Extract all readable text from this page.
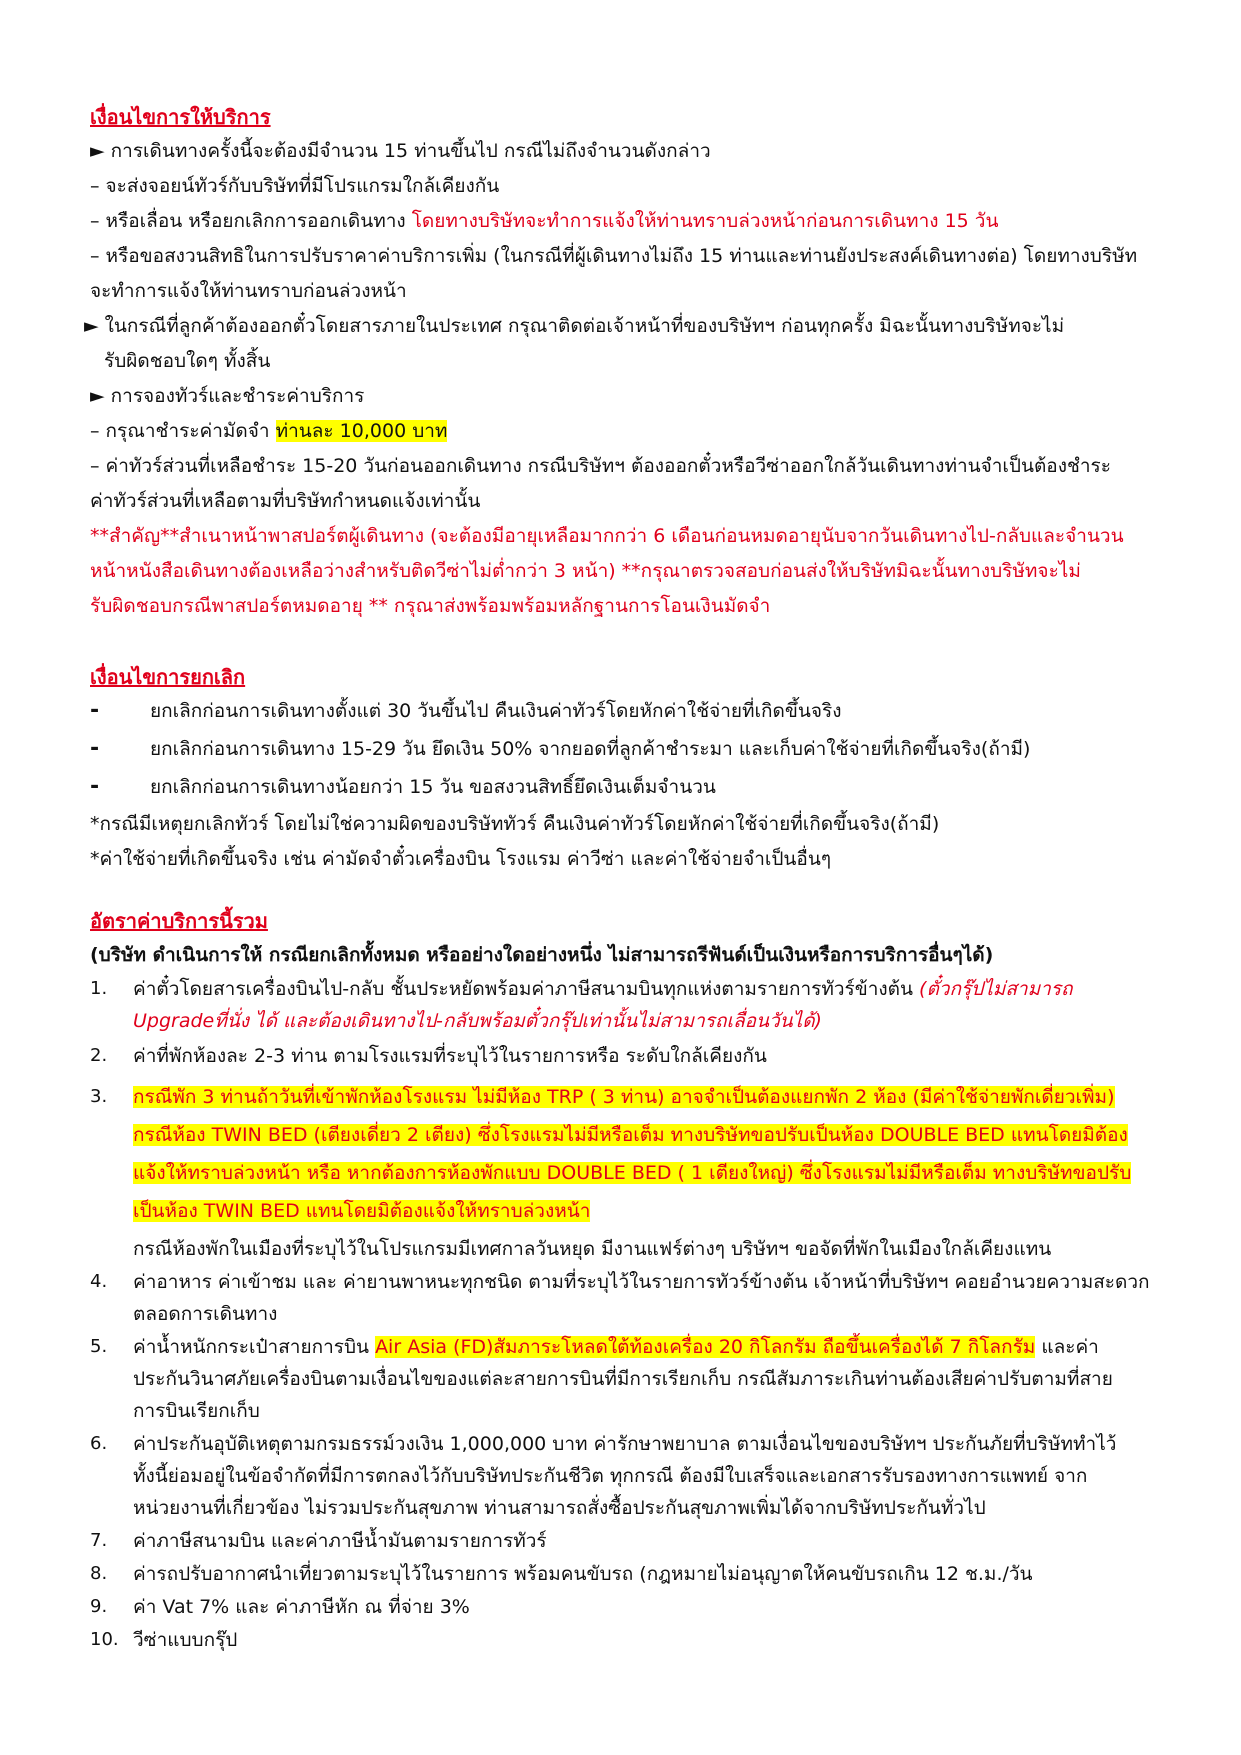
เงื่อนไขการให้บริการ
► การเดินทางครั้งนี้จะต้องมีจำนวน 15 ท่านขึ้นไป กรณีไม่ถึงจำนวนดังกล่าว
– จะส่งจอยน์ทัวร์กับบริษัทที่มีโปรแกรมใกล้เคียงกัน
– หรือเลื่อน หรือยกเลิกการออกเดินทาง โดยทางบริษัทจะทำการแจ้งให้ท่านทราบล่วงหน้าก่อนการเดินทาง 15 วัน
– หรือขอสงวนสิทธิในการปรับราคาค่าบริการเพิ่ม (ในกรณีที่ผู้เดินทางไม่ถึง 15 ท่านและท่านยังประสงค์เดินทางต่อ) โดยทางบริษัท
จะทำการแจ้งให้ท่านทราบก่อนล่วงหน้า
► ในกรณีที่ลูกค้าต้องออกตั๋วโดยสารภายในประเทศ กรุณาติดต่อเจ้าหน้าที่ของบริษัทฯ ก่อนทุกครั้ง มิฉะนั้นทางบริษัทจะไม่
รับผิดชอบใดๆ ทั้งสิ้น
► การจองทัวร์และชำระค่าบริการ
– กรุณาชำระค่ามัดจำ ท่านละ 10,000 บาท
– ค่าทัวร์ส่วนที่เหลือชำระ 15-20 วันก่อนออกเดินทาง กรณีบริษัทฯ ต้องออกตั๋วหรือวีซ่าออกใกล้วันเดินทางท่านจำเป็นต้องชำระ
ค่าทัวร์ส่วนที่เหลือตามที่บริษัทกำหนดแจ้งเท่านั้น
**สำคัญ**สำเนาหน้าพาสปอร์ตผู้เดินทาง (จะต้องมีอายุเหลือมากกว่า 6 เดือนก่อนหมดอายุนับจากวันเดินทางไป-กลับและจำนวน
หน้าหนังสือเดินทางต้องเหลือว่างสำหรับติดวีซ่าไม่ต่ำกว่า 3 หน้า) **กรุณาตรวจสอบก่อนส่งให้บริษัทมิฉะนั้นทางบริษัทจะไม่
รับผิดชอบกรณีพาสปอร์ตหมดอายุ ** กรุณาส่งพร้อมพร้อมหลักฐานการโอนเงินมัดจำ
เงื่อนไขการยกเลิก
-	ยกเลิกก่อนการเดินทางตั้งแต่ 30 วันขึ้นไป คืนเงินค่าทัวร์โดยหักค่าใช้จ่ายที่เกิดขึ้นจริง
-	ยกเลิกก่อนการเดินทาง 15-29 วัน ยึดเงิน 50% จากยอดที่ลูกค้าชำระมา และเก็บค่าใช้จ่ายที่เกิดขึ้นจริง(ถ้ามี)
-	ยกเลิกก่อนการเดินทางน้อยกว่า 15 วัน ขอสงวนสิทธิ์ยึดเงินเต็มจำนวน
*กรณีมีเหตุยกเลิกทัวร์ โดยไม่ใช่ความผิดของบริษัททัวร์ คืนเงินค่าทัวร์โดยหักค่าใช้จ่ายที่เกิดขึ้นจริง(ถ้ามี)
*ค่าใช้จ่ายที่เกิดขึ้นจริง เช่น ค่ามัดจำตั๋วเครื่องบิน โรงแรม ค่าวีซ่า และค่าใช้จ่ายจำเป็นอื่นๆ
อัตราค่าบริการนี้รวม
(บริษัท ดำเนินการให้ กรณียกเลิกทั้งหมด หรืออย่างใดอย่างหนึ่ง ไม่สามารถรีฟันด์เป็นเงินหรือการบริการอื่นๆได้)
1. ค่าตั๋วโดยสารเครื่องบินไป-กลับ ชั้นประหยัดพร้อมค่าภาษีสนามบินทุกแห่งตามรายการทัวร์ข้างต้น (ตั๋วกรุ๊ปไม่สามารถ
Upgradeที่นั่ง ได้ และต้องเดินทางไป-กลับพร้อมตั๋วกรุ๊ปเท่านั้นไม่สามารถเลื่อนวันได้)
2. ค่าที่พักห้องละ 2-3 ท่าน ตามโรงแรมที่ระบุไว้ในรายการหรือ ระดับใกล้เคียงกัน
3. กรณีพัก 3 ท่านถ้าวันที่เข้าพักห้องโรงแรม ไม่มีห้อง TRP ( 3 ท่าน) อาจจำเป็นต้องแยกพัก 2 ห้อง (มีค่าใช้จ่ายพักเดี่ยวเพิ่ม)
กรณีห้อง TWIN BED (เตียงเดี่ยว 2 เตียง) ซึ่งโรงแรมไม่มีหรือเต็ม ทางบริษัทขอปรับเป็นห้อง DOUBLE BED แทนโดยมิต้อง
แจ้งให้ทราบล่วงหน้า หรือ หากต้องการห้องพักแบบ DOUBLE BED ( 1 เตียงใหญ่) ซึ่งโรงแรมไม่มีหรือเต็ม ทางบริษัทขอปรับ
เป็นห้อง TWIN BED แทนโดยมิต้องแจ้งให้ทราบล่วงหน้า
กรณีห้องพักในเมืองที่ระบุไว้ในโปรแกรมมีเทศกาลวันหยุด มีงานแฟร์ต่างๆ บริษัทฯ ขอจัดที่พักในเมืองใกล้เคียงแทน
4. ค่าอาหาร ค่าเข้าชม และ ค่ายานพาหนะทุกชนิด ตามที่ระบุไว้ในรายการทัวร์ข้างต้น เจ้าหน้าที่บริษัทฯ คอยอำนวยความสะดวก
ตลอดการเดินทาง
5. ค่าน้ำหนักกระเป๋าสายการบิน Air Asia (FD)สัมภาระโหลดใต้ท้องเครื่อง 20 กิโลกรัม ถือขึ้นเครื่องได้ 7 กิโลกรัม และค่า
ประกันวินาศภัยเครื่องบินตามเงื่อนไขของแต่ละสายการบินที่มีการเรียกเก็บ กรณีสัมภาระเกินท่านต้องเสียค่าปรับตามที่สาย
การบินเรียกเก็บ
6. ค่าประกันอุบัติเหตุตามกรมธรรม์วงเงิน 1,000,000 บาท ค่ารักษาพยาบาล ตามเงื่อนไขของบริษัทฯ ประกันภัยที่บริษัททำไว้
ทั้งนี้ย่อมอยู่ในข้อจำกัดที่มีการตกลงไว้กับบริษัทประกันชีวิต ทุกกรณี ต้องมีใบเสร็จและเอกสารรับรองทางการแพทย์ จาก
หน่วยงานที่เกี่ยวข้อง ไม่รวมประกันสุขภาพ ท่านสามารถสั่งซื้อประกันสุขภาพเพิ่มได้จากบริษัทประกันทั่วไป
7. ค่าภาษีสนามบิน และค่าภาษีน้ำมันตามรายการทัวร์
8. ค่ารถปรับอากาศนำเที่ยวตามระบุไว้ในรายการ พร้อมคนขับรถ (กฎหมายไม่อนุญาตให้คนขับรถเกิน 12 ช.ม./วัน
9. ค่า Vat 7% และ ค่าภาษีหัก ณ ที่จ่าย 3%
10. วีซ่าแบบกรุ๊ป
